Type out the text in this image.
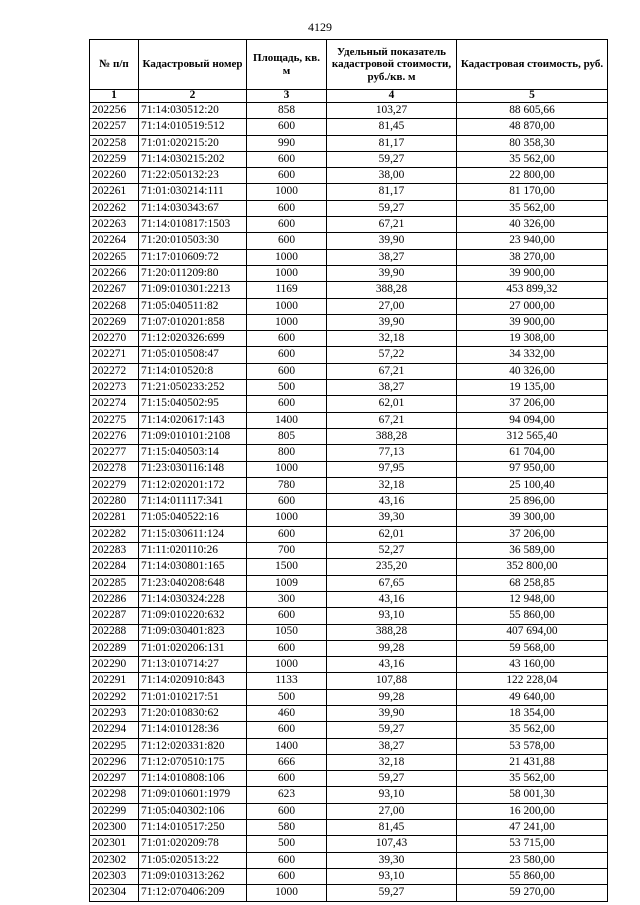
4129
№ п/п	Кадастровый номер	Площадь, кв. м	Удельный показатель кадастровой стоимости, руб./кв. м	Кадастровая стоимость, руб.
1	2	3	4	5
202256	71:14:030512:20	858	103,27	88 605,66
202257	71:14:010519:512	600	81,45	48 870,00
202258	71:01:020215:20	990	81,17	80 358,30
202259	71:14:030215:202	600	59,27	35 562,00
202260	71:22:050132:23	600	38,00	22 800,00
202261	71:01:030214:111	1000	81,17	81 170,00
202262	71:14:030343:67	600	59,27	35 562,00
202263	71:14:010817:1503	600	67,21	40 326,00
202264	71:20:010503:30	600	39,90	23 940,00
202265	71:17:010609:72	1000	38,27	38 270,00
202266	71:20:011209:80	1000	39,90	39 900,00
202267	71:09:010301:2213	1169	388,28	453 899,32
202268	71:05:040511:82	1000	27,00	27 000,00
202269	71:07:010201:858	1000	39,90	39 900,00
202270	71:12:020326:699	600	32,18	19 308,00
202271	71:05:010508:47	600	57,22	34 332,00
202272	71:14:010520:8	600	67,21	40 326,00
202273	71:21:050233:252	500	38,27	19 135,00
202274	71:15:040502:95	600	62,01	37 206,00
202275	71:14:020617:143	1400	67,21	94 094,00
202276	71:09:010101:2108	805	388,28	312 565,40
202277	71:15:040503:14	800	77,13	61 704,00
202278	71:23:030116:148	1000	97,95	97 950,00
202279	71:12:020201:172	780	32,18	25 100,40
202280	71:14:011117:341	600	43,16	25 896,00
202281	71:05:040522:16	1000	39,30	39 300,00
202282	71:15:030611:124	600	62,01	37 206,00
202283	71:11:020110:26	700	52,27	36 589,00
202284	71:14:030801:165	1500	235,20	352 800,00
202285	71:23:040208:648	1009	67,65	68 258,85
202286	71:14:030324:228	300	43,16	12 948,00
202287	71:09:010220:632	600	93,10	55 860,00
202288	71:09:030401:823	1050	388,28	407 694,00
202289	71:01:020206:131	600	99,28	59 568,00
202290	71:13:010714:27	1000	43,16	43 160,00
202291	71:14:020910:843	1133	107,88	122 228,04
202292	71:01:010217:51	500	99,28	49 640,00
202293	71:20:010830:62	460	39,90	18 354,00
202294	71:14:010128:36	600	59,27	35 562,00
202295	71:12:020331:820	1400	38,27	53 578,00
202296	71:12:070510:175	666	32,18	21 431,88
202297	71:14:010808:106	600	59,27	35 562,00
202298	71:09:010601:1979	623	93,10	58 001,30
202299	71:05:040302:106	600	27,00	16 200,00
202300	71:14:010517:250	580	81,45	47 241,00
202301	71:01:020209:78	500	107,43	53 715,00
202302	71:05:020513:22	600	39,30	23 580,00
202303	71:09:010313:262	600	93,10	55 860,00
202304	71:12:070406:209	1000	59,27	59 270,00
